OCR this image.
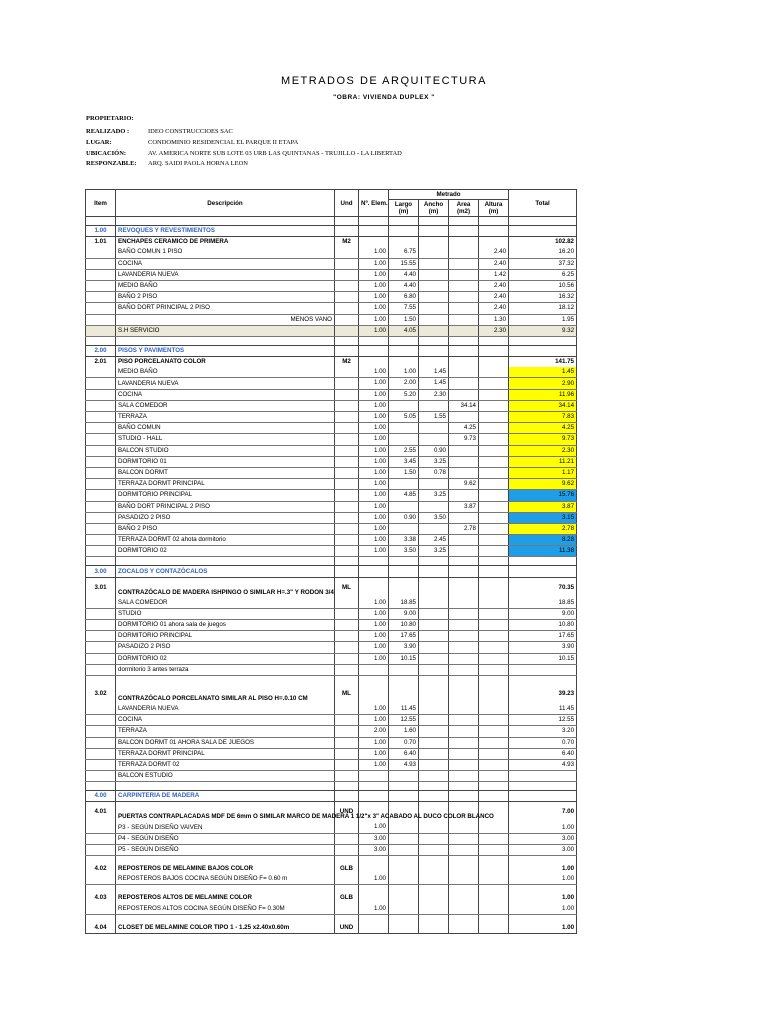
METRADOS DE ARQUITECTURA
"OBRA: VIVIENDA DUPLEX "
PROPIETARIO:
REALIZADO :	IDEO CONSTRUCCIOES SAC
LUGAR:	CONDOMINIO RESIDENCIAL EL PARQUE II ETAPA
UBICACIÓN:	AV. AMERICA NORTE SUB LOTE 03 URB LAS QUINTANAS - TRUJILLO - LA LIBERTAD
RESPONZABLE: ARQ. SAIDI PAOLA HORNA LEON
Item	Descripción	Und	Nº. Elem.	Metrado				Total
				Largo (m)	Ancho (m)	Area (m2)	Altura (m)	

1.00	REVOQUES Y REVESTIMIENTOS							
1.01	ENCHAPES CERAMICO DE PRIMERA	M2						102.82
	BAÑO COMUN 1 PISO		1.00	6.75			2.40	16.20
	COCINA		1.00	15.55			2.40	37.32
	LAVANDERIA NUEVA		1.00	4.40			1.42	6.25
	MEDIO BAÑO		1.00	4.40			2.40	10.56
	BAÑO 2 PISO		1.00	6.80			2.40	16.32
	BAÑO DORT PRINCIPAL 2 PISO		1.00	7.55			2.40	18.12
	MENOS VANO		1.00	1.50			1.30	1.95
	S.H SERVICIO		1.00	4.05			2.30	9.32

2.00	PISOS Y PAVIMENTOS							
2.01	PISO PORCELANATO COLOR	M2						141.75
	MEDIO BAÑO		1.00	1.00	1.45			1.45
	LAVANDERIA NUEVA		1.00	2.00	1.45			2.90
	COCINA		1.00	5.20	2.30			11.96
	SALA COMEDOR		1.00			34.14		34.14
	TERRAZA		1.00	5.05	1.55			7.83
	BAÑO COMUN		1.00			4.25		4.25
	STUDIO - HALL		1.00			9.73		9.73
	BALCON STUDIO		1.00	2.55	0.90			2.30
	DORMITORIO 01		1.00	3.45	3.25			11.21
	BALCON DORMT		1.00	1.50	0.78			1.17
	TERRAZA DORMT PRINCIPAL		1.00			9.62		9.62
	DORMITORIO PRINCIPAL		1.00	4.85	3.25			15.76
	BAÑO DORT PRINCIPAL 2 PISO		1.00			3.87		3.87
	PASADIZO 2 PISO		1.00	0.90	3.50			3.15
	BAÑO 2 PISO		1.00			2.78		2.78
	TERRAZA DORMT 02 ahota dormitorio		1.00	3.38	2.45			8.28
	DORMITORIO 02		1.00	3.50	3.25			11.38

3.00	ZOCALOS Y CONTAZÓCALOS							
3.01	CONTRAZÓCALO DE MADERA ISHPINGO O SIMILAR H=.3" Y RODON 3/4	ML						70.35
	SALA COMEDOR		1.00	18.85				18.85
	STUDIO		1.00	9.00				9.00
	DORMITORIO 01 ahora sala de juegos		1.00	10.80				10.80
	DORMITORIO PRINCIPAL		1.00	17.65				17.65
	PASADIZO 2 PISO		1.00	3.90				3.90
	DORMITORIO 02		1.00	10.15				10.15
	dormitorio 3 antes terraza							

3.02	CONTRAZÓCALO PORCELANATO SIMILAR AL PISO H=.0.10 CM	ML						39.23
	LAVANDERIA NUEVA		1.00	11.45				11.45
	COCINA		1.00	12.55				12.55
	TERRAZA		2.00	1.60				3.20
	BALCON DORMT 01 AHORA SALA DE JUEGOS		1.00	0.70				0.70
	TERRAZA DORMT PRINCIPAL		1.00	6.40				6.40
	TERRAZA DORMT 02		1.00	4.93				4.93
	BALCON ESTUDIO							

4.00	CARPINTERIA DE MADERA							
4.01	PUERTAS CONTRAPLACADAS MDF DE 6mm O SIMILAR MARCO DE MADERA 1 1/2"x 3" ACABADO AL DUCO COLOR BLANCO	UND						7.00
	P3 - SEGÚN DISEÑO VAIVEN		1.00					1.00
	P4 - SEGÚN DISEÑO		3.00					3.00
	P5 - SEGÚN DISEÑO		3.00					3.00

4.02	REPOSTEROS DE MELAMINE BAJOS COLOR	GLB						1.00
	REPOSTEROS BAJOS COCINA SEGÚN DISEÑO F= 0.60 m		1.00					1.00

4.03	REPOSTEROS ALTOS DE MELAMINE COLOR	GLB						1.00
	REPOSTEROS ALTOS COCINA SEGÚN DISEÑO F= 0.30M		1.00					1.00

4.04	CLOSET DE MELAMINE COLOR TIPO 1 - 1.25 x2.40x0.60m	UND						1.00
